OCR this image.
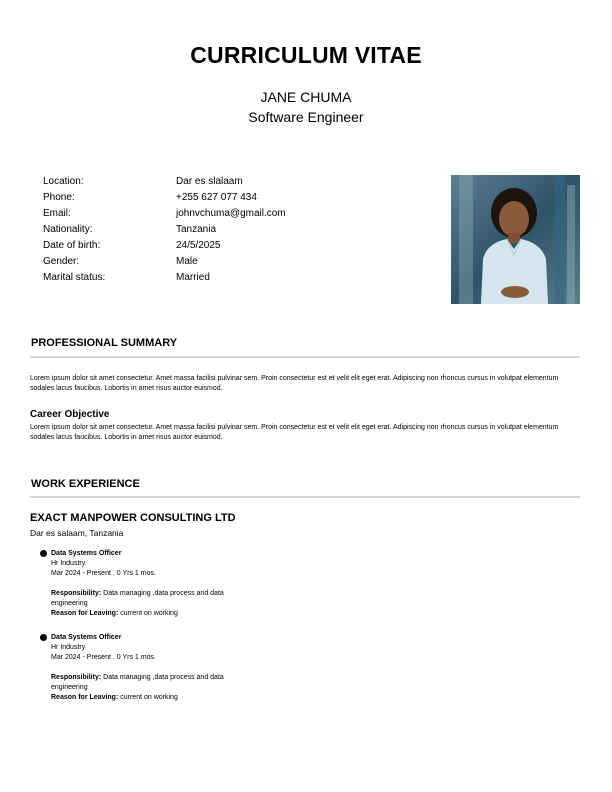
CURRICULUM VITAE
JANE CHUMA
Software Engineer
Location:	Dar es slalaam
Phone:	+255 627 077 434
Email:	johnvchuma@gmail.com
Nationality:	Tanzania
Date of birth:	24/5/2025
Gender:	Male
Marital status:	Married
PROFESSIONAL SUMMARY
Lorem ipsum dolor sit amet consectetur. Amet massa facilisi pulvinar sem. Proin consectetur est et velit elit eget erat. Adipiscing non rhoncus cursus in volutpat elementum sodales lacus faucibus. Lobortis in amet risus auctor euismod.
Career Objective
Lorem ipsum dolor sit amet consectetur. Amet massa facilisi pulvinar sem. Proin consectetur est et velit elit eget erat. Adipiscing non rhoncus cursus in volutpat elementum sodales lacus faucibus. Lobortis in amet risus auctor euismod.
WORK EXPERIENCE
EXACT MANPOWER CONSULTING LTD
Dar es salaam, Tanzania
Data Systems Officer
Hr Industry
Mar 2024 - Present . 0 Yrs 1 mos.
Responsibility: Data managing ,data process and data engineering
Reason for Leaving: current on working
Data Systems Officer
Hr Industry
Mar 2024 - Present . 0 Yrs 1 mos.
Responsibility: Data managing ,data process and data engineering
Reason for Leaving: current on working
